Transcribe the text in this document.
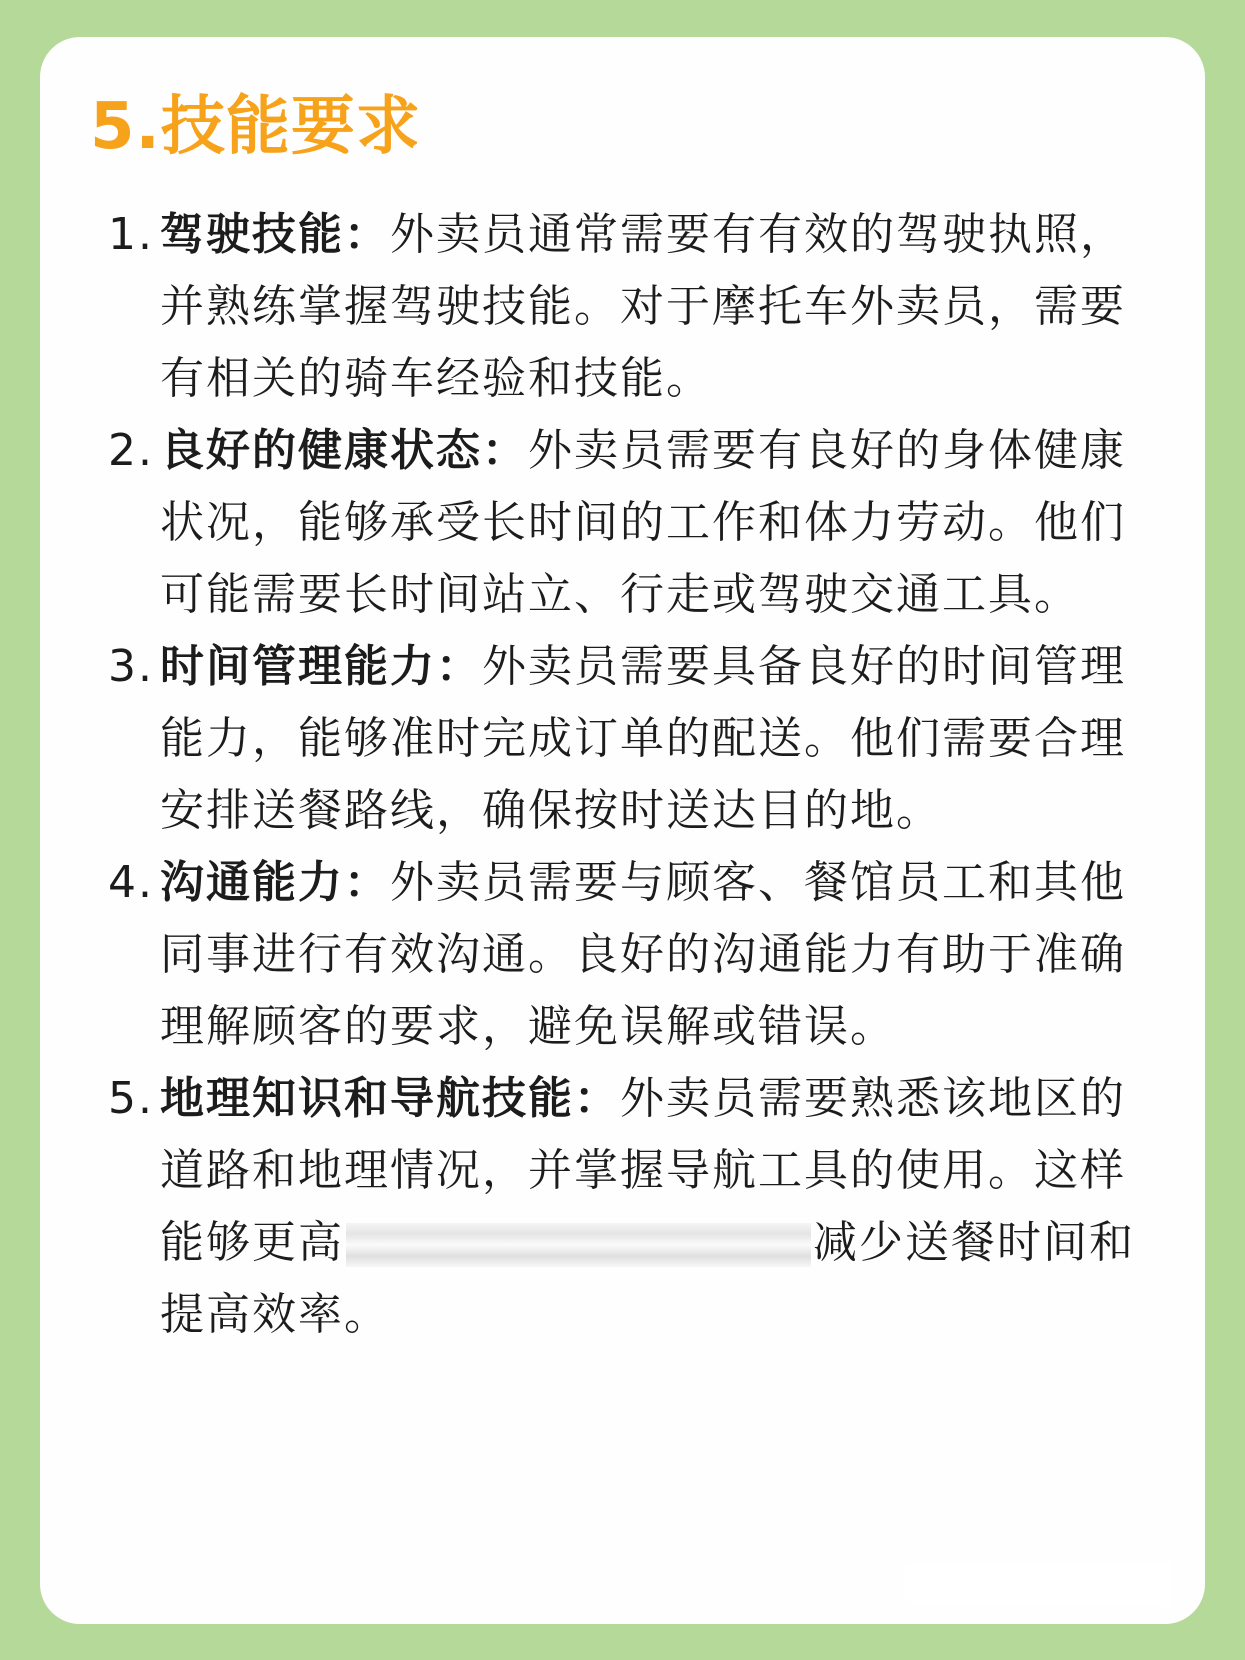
5.技能要求
1. 驾驶技能：外卖员通常需要有有效的驾驶执照，并熟练掌握驾驶技能。对于摩托车外卖员，需要有相关的骑车经验和技能。
2. 良好的健康状态：外卖员需要有良好的身体健康状况，能够承受长时间的工作和体力劳动。他们可能需要长时间站立、行走或驾驶交通工具。
3. 时间管理能力：外卖员需要具备良好的时间管理能力，能够准时完成订单的配送。他们需要合理安排送餐路线，确保按时送达目的地。
4. 沟通能力：外卖员需要与顾客、餐馆员工和其他同事进行有效沟通。良好的沟通能力有助于准确理解顾客的要求，避免误解或错误。
5. 地理知识和导航技能：外卖员需要熟悉该地区的道路和地理情况，并掌握导航工具的使用。这样能够更高	减少送餐时间和提高效率。
